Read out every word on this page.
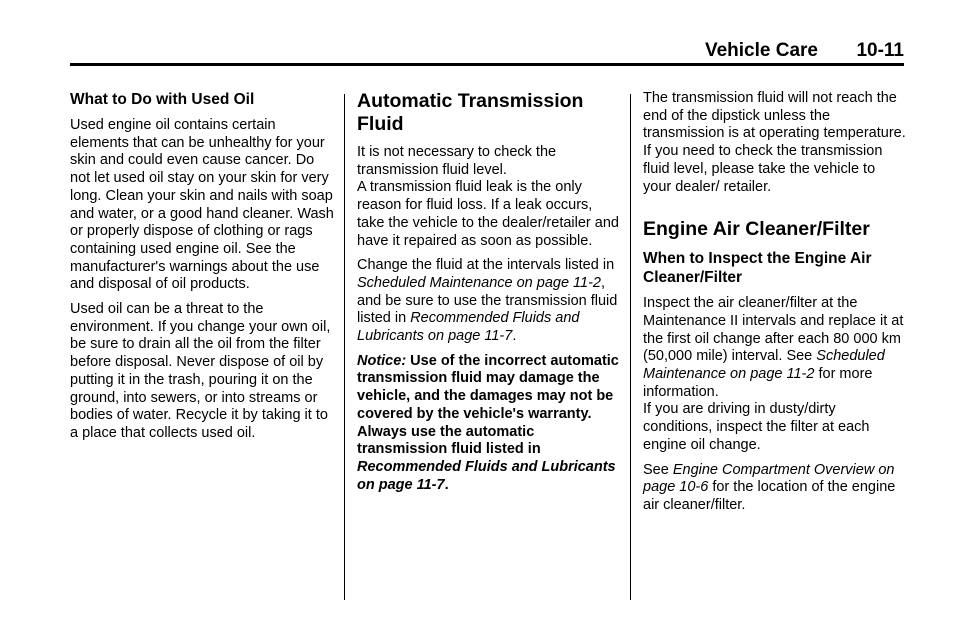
Vehicle Care 10-11
What to Do with Used Oil

Used engine oil contains certain elements that can be unhealthy for your skin and could even cause cancer. Do not let used oil stay on your skin for very long. Clean your skin and nails with soap and water, or a good hand cleaner. Wash or properly dispose of clothing or rags containing used engine oil. See the manufacturer's warnings about the use and disposal of oil products.

Used oil can be a threat to the environment. If you change your own oil, be sure to drain all the oil from the filter before disposal. Never dispose of oil by putting it in the trash, pouring it on the ground, into sewers, or into streams or bodies of water. Recycle it by taking it to a place that collects used oil.

Automatic Transmission Fluid

It is not necessary to check the transmission fluid level.
A transmission fluid leak is the only reason for fluid loss. If a leak occurs, take the vehicle to the dealer/retailer and have it repaired as soon as possible.

Change the fluid at the intervals listed in Scheduled Maintenance on page 11-2, and be sure to use the transmission fluid listed in Recommended Fluids and Lubricants on page 11-7.

Notice: Use of the incorrect automatic transmission fluid may damage the vehicle, and the damages may not be covered by the vehicle's warranty. Always use the automatic transmission fluid listed in Recommended Fluids and Lubricants on page 11-7.

The transmission fluid will not reach the end of the dipstick unless the transmission is at operating temperature. If you need to check the transmission fluid level, please take the vehicle to your dealer/ retailer.

Engine Air Cleaner/Filter
When to Inspect the Engine Air Cleaner/Filter

Inspect the air cleaner/filter at the Maintenance II intervals and replace it at the first oil change after each 80 000 km (50,000 mile) interval. See Scheduled Maintenance on page 11-2 for more information.
If you are driving in dusty/dirty conditions, inspect the filter at each engine oil change.

See Engine Compartment Overview on page 10-6 for the location of the engine air cleaner/filter.
